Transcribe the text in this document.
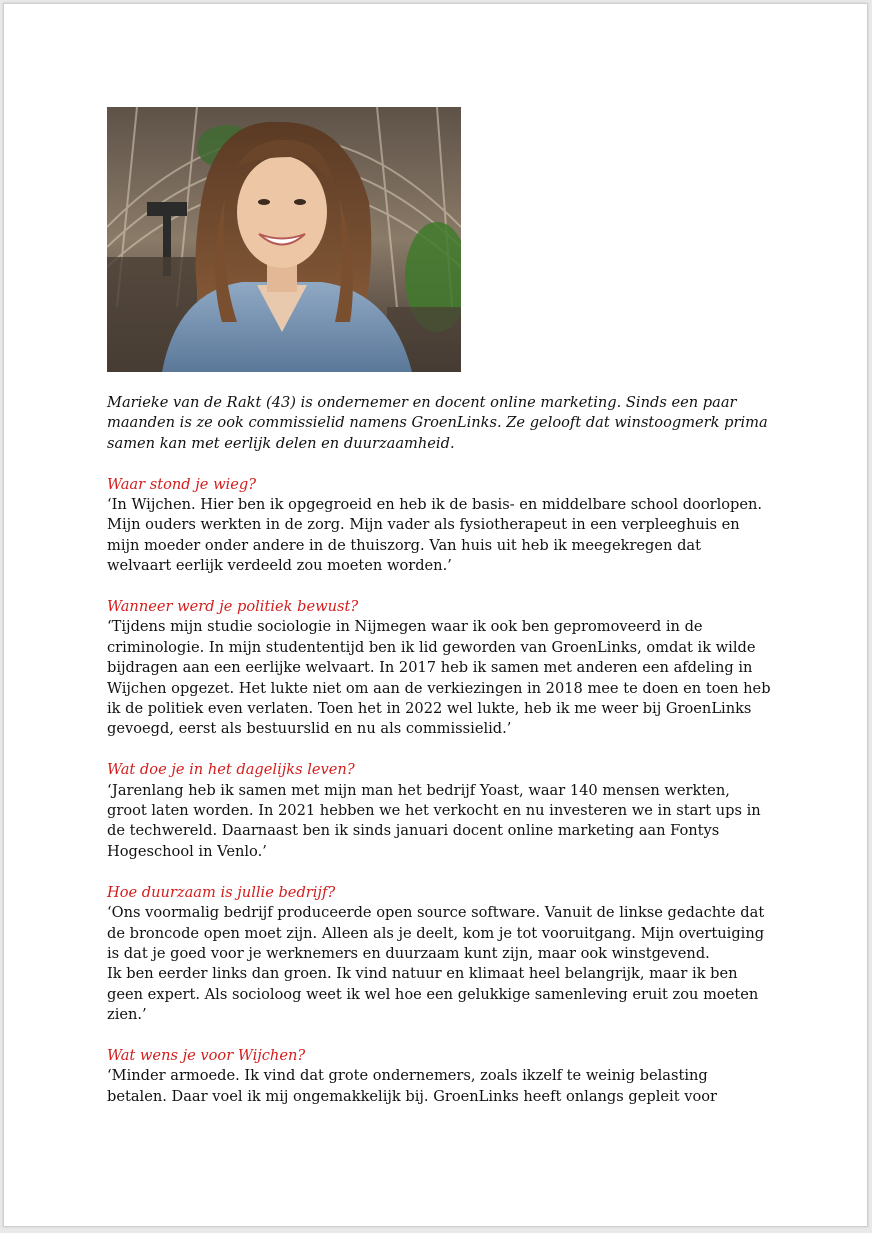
Marieke van de Rakt (43) is ondernemer en docent online marketing. Sinds een paar
maanden is ze ook commissielid namens GroenLinks. Ze gelooft dat winstoogmerk prima
samen kan met eerlijk delen en duurzaamheid.

Waar stond je wieg?

‘In Wijchen. Hier ben ik opgegroeid en heb ik de basis- en middelbare school doorlopen.
Mijn ouders werkten in de zorg. Mijn vader als fysiotherapeut in een verpleeghuis en
mijn moeder onder andere in de thuiszorg. Van huis uit heb ik meegekregen dat
welvaart eerlijk verdeeld zou moeten worden.’

Wanneer werd je politiek bewust?

‘Tijdens mijn studie sociologie in Nijmegen waar ik ook ben gepromoveerd in de
criminologie. In mijn studententijd ben ik lid geworden van GroenLinks, omdat ik wilde
bijdragen aan een eerlijke welvaart. In 2017 heb ik samen met anderen een afdeling in
Wijchen opgezet. Het lukte niet om aan de verkiezingen in 2018 mee te doen en toen heb
ik de politiek even verlaten. Toen het in 2022 wel lukte, heb ik me weer bij GroenLinks
gevoegd, eerst als bestuurslid en nu als commissielid.’

Wat doe je in het dagelijks leven?

‘Jarenlang heb ik samen met mijn man het bedrijf Yoast, waar 140 mensen werkten,
groot laten worden. In 2021 hebben we het verkocht en nu investeren we in start ups in
de techwereld. Daarnaast ben ik sinds januari docent online marketing aan Fontys
Hogeschool in Venlo.’

Hoe duurzaam is jullie bedrijf?

‘Ons voormalig bedrijf produceerde open source software. Vanuit de linkse gedachte dat
de broncode open moet zijn. Alleen als je deelt, kom je tot vooruitgang. Mijn overtuiging
is dat je goed voor je werknemers en duurzaam kunt zijn, maar ook winstgevend.
Ik ben eerder links dan groen. Ik vind natuur en klimaat heel belangrijk, maar ik ben
geen expert. Als socioloog weet ik wel hoe een gelukkige samenleving eruit zou moeten
zien.’

Wat wens je voor Wijchen?

‘Minder armoede. Ik vind dat grote ondernemers, zoals ikzelf te weinig belasting
betalen. Daar voel ik mij ongemakkelijk bij. GroenLinks heeft onlangs gepleit voor
